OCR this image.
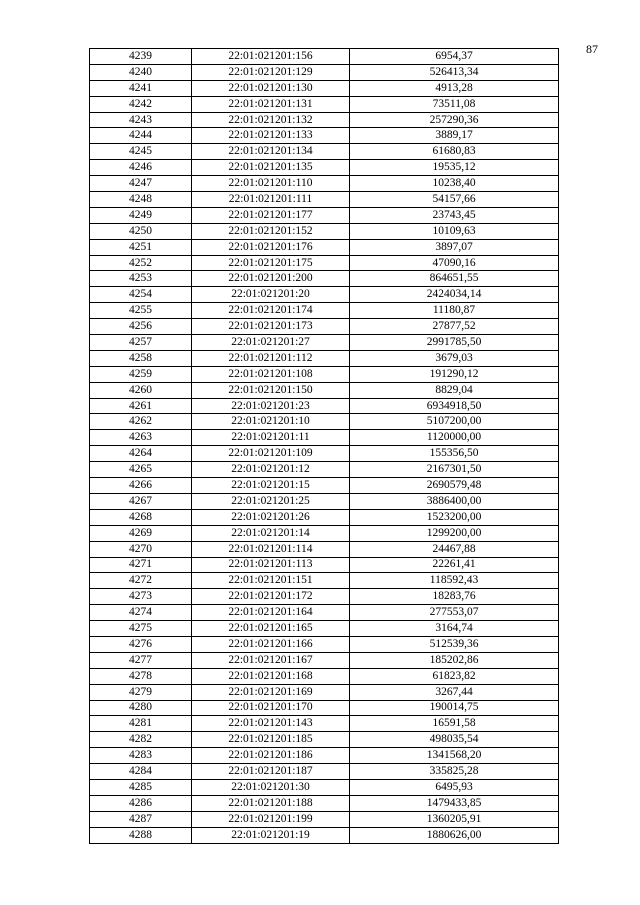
87
4239	22:01:021201:156	6954,37
4240	22:01:021201:129	526413,34
4241	22:01:021201:130	4913,28
4242	22:01:021201:131	73511,08
4243	22:01:021201:132	257290,36
4244	22:01:021201:133	3889,17
4245	22:01:021201:134	61680,83
4246	22:01:021201:135	19535,12
4247	22:01:021201:110	10238,40
4248	22:01:021201:111	54157,66
4249	22:01:021201:177	23743,45
4250	22:01:021201:152	10109,63
4251	22:01:021201:176	3897,07
4252	22:01:021201:175	47090,16
4253	22:01:021201:200	864651,55
4254	22:01:021201:20	2424034,14
4255	22:01:021201:174	11180,87
4256	22:01:021201:173	27877,52
4257	22:01:021201:27	2991785,50
4258	22:01:021201:112	3679,03
4259	22:01:021201:108	191290,12
4260	22:01:021201:150	8829,04
4261	22:01:021201:23	6934918,50
4262	22:01:021201:10	5107200,00
4263	22:01:021201:11	1120000,00
4264	22:01:021201:109	155356,50
4265	22:01:021201:12	2167301,50
4266	22:01:021201:15	2690579,48
4267	22:01:021201:25	3886400,00
4268	22:01:021201:26	1523200,00
4269	22:01:021201:14	1299200,00
4270	22:01:021201:114	24467,88
4271	22:01:021201:113	22261,41
4272	22:01:021201:151	118592,43
4273	22:01:021201:172	18283,76
4274	22:01:021201:164	277553,07
4275	22:01:021201:165	3164,74
4276	22:01:021201:166	512539,36
4277	22:01:021201:167	185202,86
4278	22:01:021201:168	61823,82
4279	22:01:021201:169	3267,44
4280	22:01:021201:170	190014,75
4281	22:01:021201:143	16591,58
4282	22:01:021201:185	498035,54
4283	22:01:021201:186	1341568,20
4284	22:01:021201:187	335825,28
4285	22:01:021201:30	6495,93
4286	22:01:021201:188	1479433,85
4287	22:01:021201:199	1360205,91
4288	22:01:021201:19	1880626,00
